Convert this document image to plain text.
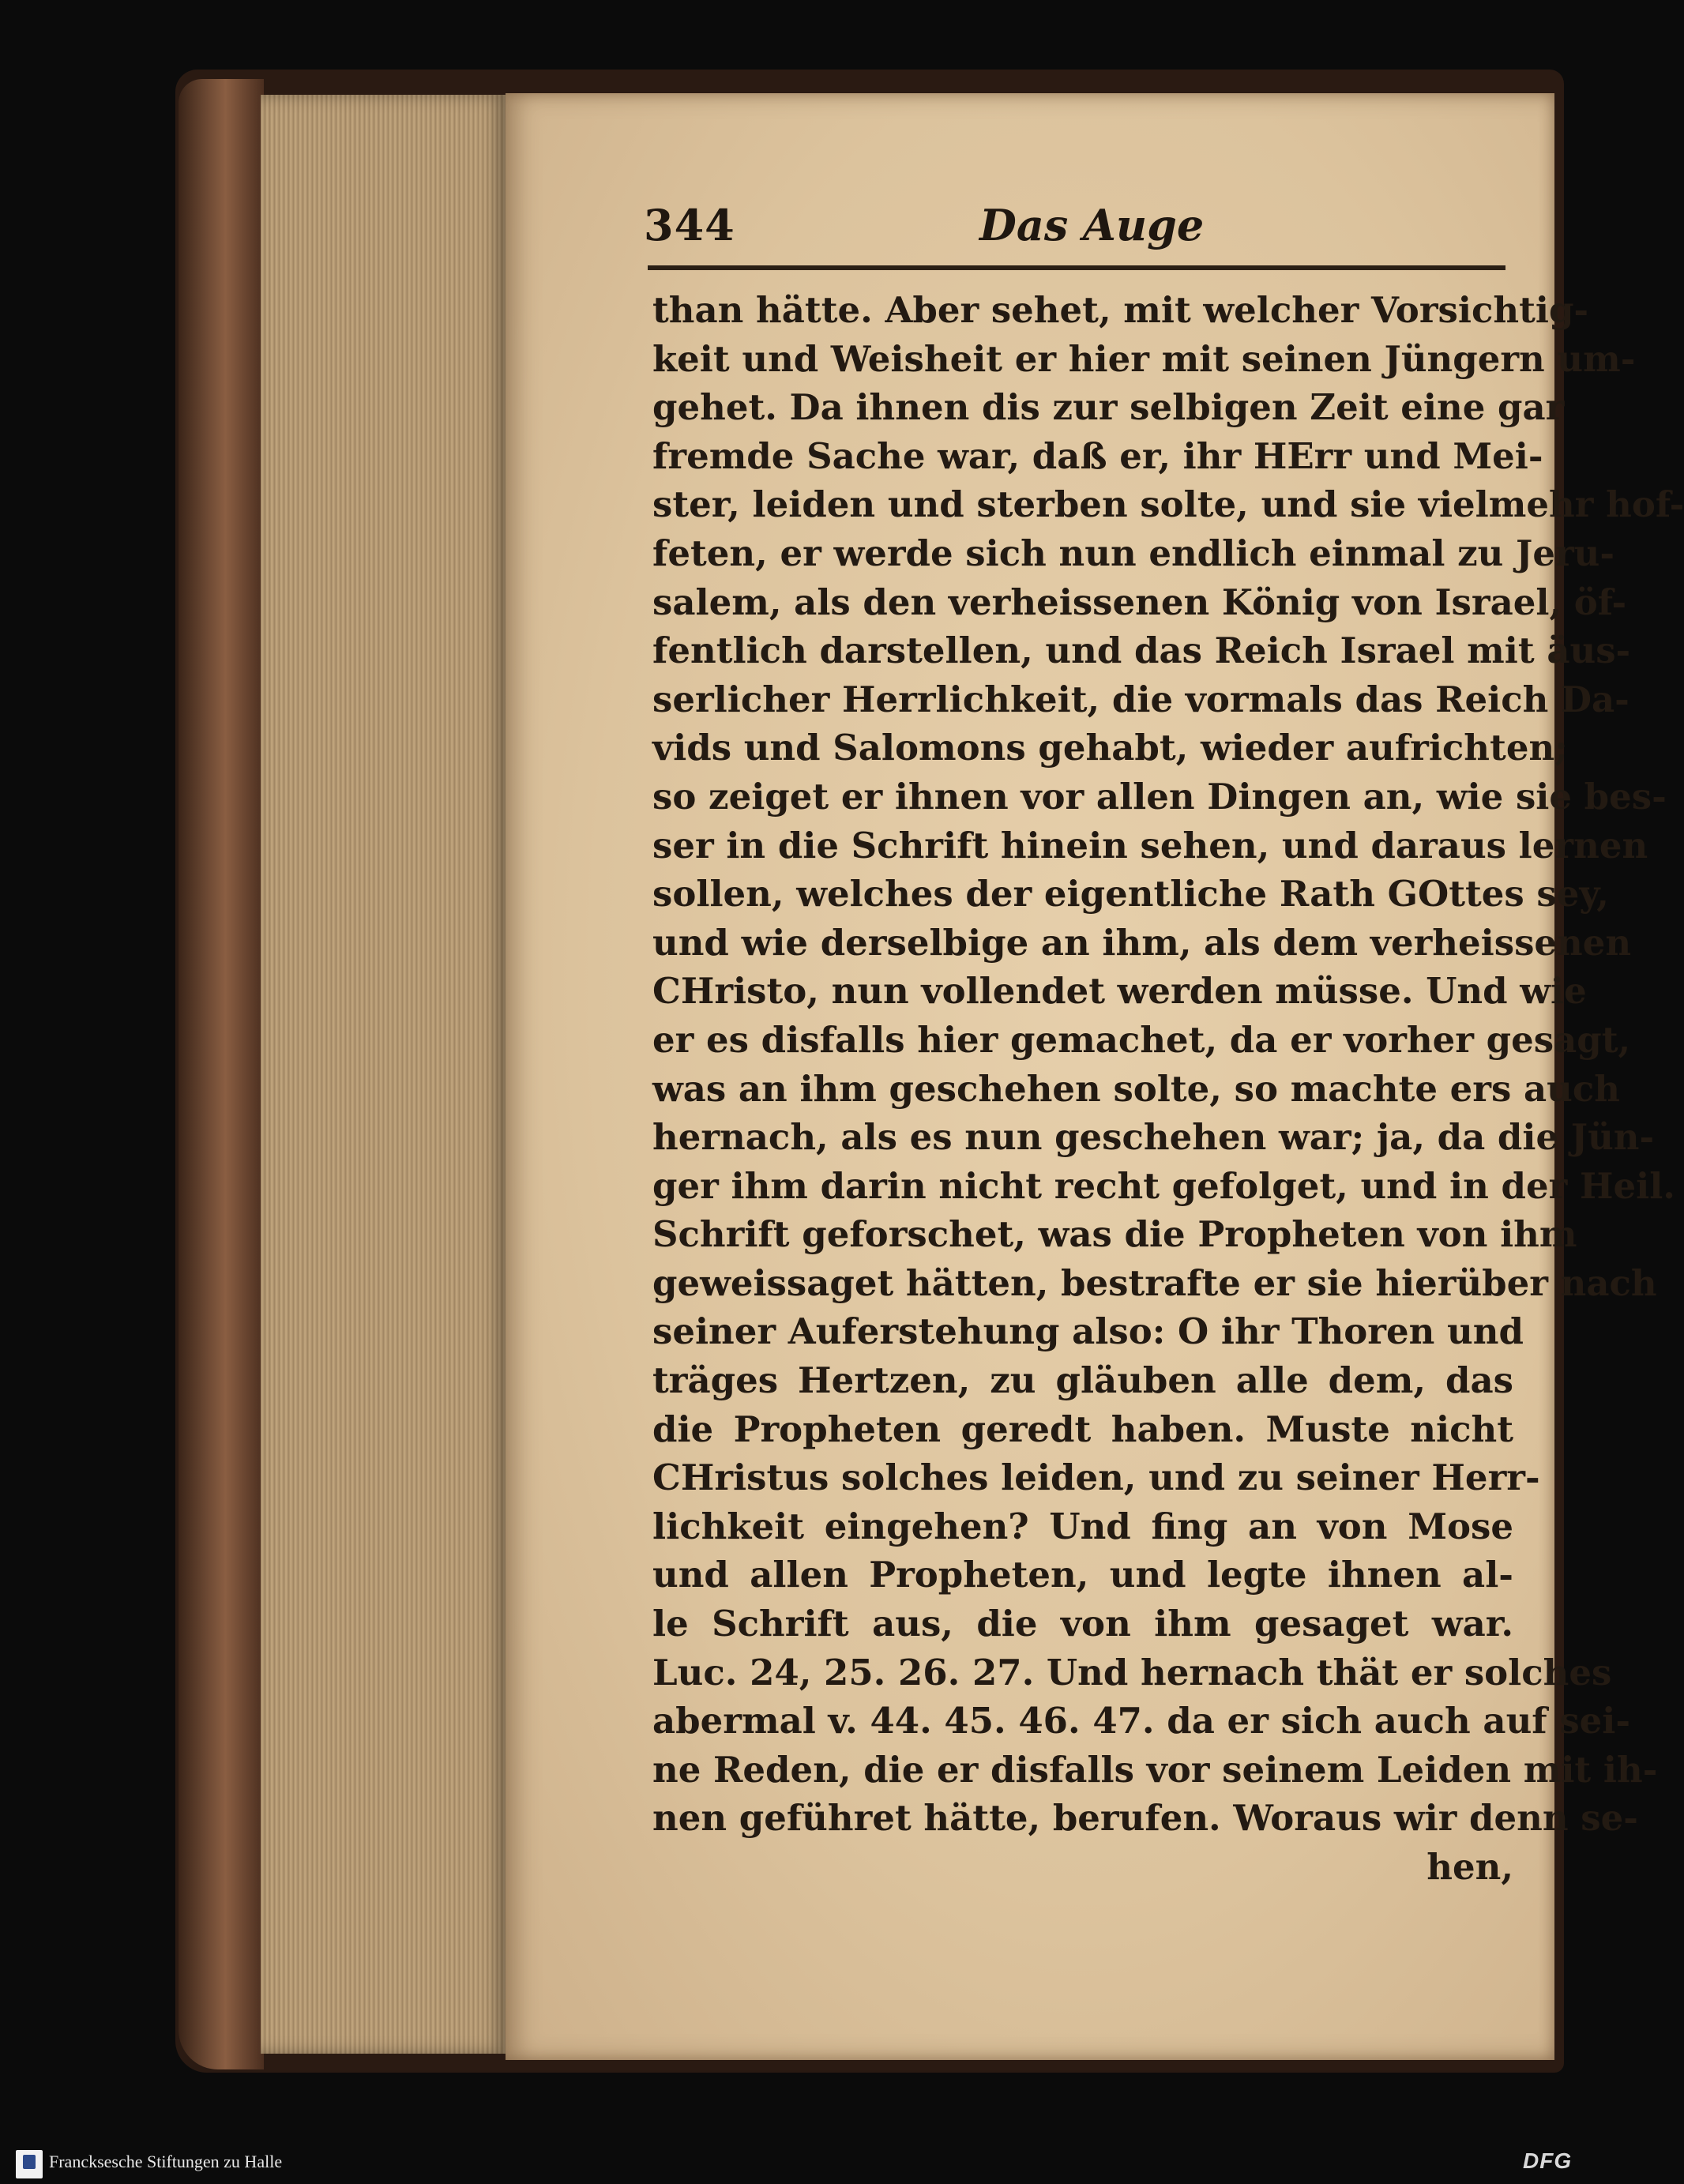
344	Das Auge
than hätte. Aber sehet, mit welcher Vorsichtig-
keit und Weisheit er hier mit seinen Jüngern um-
gehet. Da ihnen dis zur selbigen Zeit eine gar
fremde Sache war, daß er, ihr HErr und Mei-
ster, leiden und sterben solte, und sie vielmehr hof-
feten, er werde sich nun endlich einmal zu Jeru-
salem, als den verheissenen König von Israel, öf-
fentlich darstellen, und das Reich Israel mit äus-
serlicher Herrlichkeit, die vormals das Reich Da-
vids und Salomons gehabt, wieder aufrichten;
so zeiget er ihnen vor allen Dingen an, wie sie bes-
ser in die Schrift hinein sehen, und daraus lernen
sollen, welches der eigentliche Rath GOttes sey,
und wie derselbige an ihm, als dem verheissenen
CHristo, nun vollendet werden müsse. Und wie
er es disfalls hier gemachet, da er vorher gesagt,
was an ihm geschehen solte, so machte ers auch
hernach, als es nun geschehen war; ja, da die Jün-
ger ihm darin nicht recht gefolget, und in der Heil.
Schrift geforschet, was die Propheten von ihm
geweissaget hätten, bestrafte er sie hierüber nach
seiner Auferstehung also: O ihr Thoren und
träges Hertzen, zu gläuben alle dem, das
die Propheten geredt haben. Muste nicht
CHristus solches leiden, und zu seiner Herr-
lichkeit eingehen? Und fing an von Mose
und allen Propheten, und legte ihnen al-
le Schrift aus, die von ihm gesaget war.
Luc. 24, 25. 26. 27. Und hernach thät er solches
abermal v. 44. 45. 46. 47. da er sich auch auf sei-
ne Reden, die er disfalls vor seinem Leiden mit ih-
nen geführet hätte, berufen. Woraus wir denn se-
hen,
Francksesche Stiftungen zu Halle	DFG
